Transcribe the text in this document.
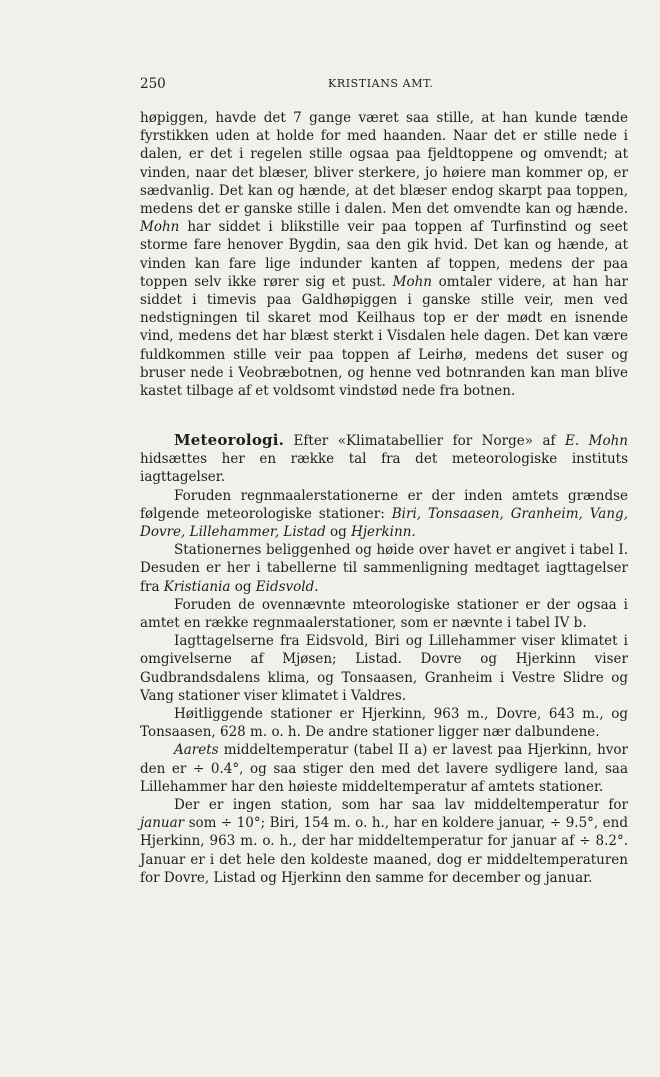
250	KRISTIANS AMT.

høpiggen, havde det 7 gange været saa stille, at han kunde tænde fyrstikken uden at holde for med haanden. Naar det er stille nede i dalen, er det i regelen stille ogsaa paa fjeldtoppene og omvendt; at vinden, naar det blæser, bliver sterkere, jo høiere man kommer op, er sædvanlig. Det kan og hænde, at det blæser endog skarpt paa toppen, medens det er ganske stille i dalen. Men det omvendte kan og hænde. Mohn har siddet i blikstille veir paa toppen af Turfinstind og seet storme fare henover Bygdin, saa den gik hvid. Det kan og hænde, at vinden kan fare lige indunder kanten af toppen, medens der paa toppen selv ikke rører sig et pust. Mohn omtaler videre, at han har siddet i timevis paa Galdhøpiggen i ganske stille veir, men ved nedstigningen til skaret mod Keilhaus top er der mødt en isnende vind, medens det har blæst sterkt i Visdalen hele dagen. Det kan være fuldkommen stille veir paa toppen af Leirhø, medens det suser og bruser nede i Veobræbotnen, og henne ved botnranden kan man blive kastet tilbage af et voldsomt vindstød nede fra botnen.

Meteorologi. Efter «Klimatabellier for Norge» af E. Mohn hidsættes her en række tal fra det meteorologiske instituts iagttagelser.

Foruden regnmaalerstationerne er der inden amtets grændse følgende meteorologiske stationer: Biri, Tonsaasen, Granheim, Vang, Dovre, Lillehammer, Listad og Hjerkinn.

Stationernes beliggenhed og høide over havet er angivet i tabel I. Desuden er her i tabellerne til sammenligning medtaget iagttagelser fra Kristiania og Eidsvold.

Foruden de ovennævnte mteorologiske stationer er der ogsaa i amtet en række regnmaalerstationer, som er nævnte i tabel IV b.

Iagttagelserne fra Eidsvold, Biri og Lillehammer viser klimatet i omgivelserne af Mjøsen; Listad. Dovre og Hjerkinn viser Gudbrandsdalens klima, og Tonsaasen, Granheim i Vestre Slidre og Vang stationer viser klimatet i Valdres.

Høitliggende stationer er Hjerkinn, 963 m., Dovre, 643 m., og Tonsaasen, 628 m. o. h. De andre stationer ligger nær dalbundene.

Aarets middeltemperatur (tabel II a) er lavest paa Hjerkinn, hvor den er ÷ 0.4°, og saa stiger den med det lavere sydligere land, saa Lillehammer har den høieste middeltemperatur af amtets stationer.

Der er ingen station, som har saa lav middeltemperatur for januar som ÷ 10°; Biri, 154 m. o. h., har en koldere januar, ÷ 9.5°, end Hjerkinn, 963 m. o. h., der har middeltemperatur for januar af ÷ 8.2°. Januar er i det hele den koldeste maaned, dog er middeltemperaturen for Dovre, Listad og Hjerkinn den samme for december og januar.
